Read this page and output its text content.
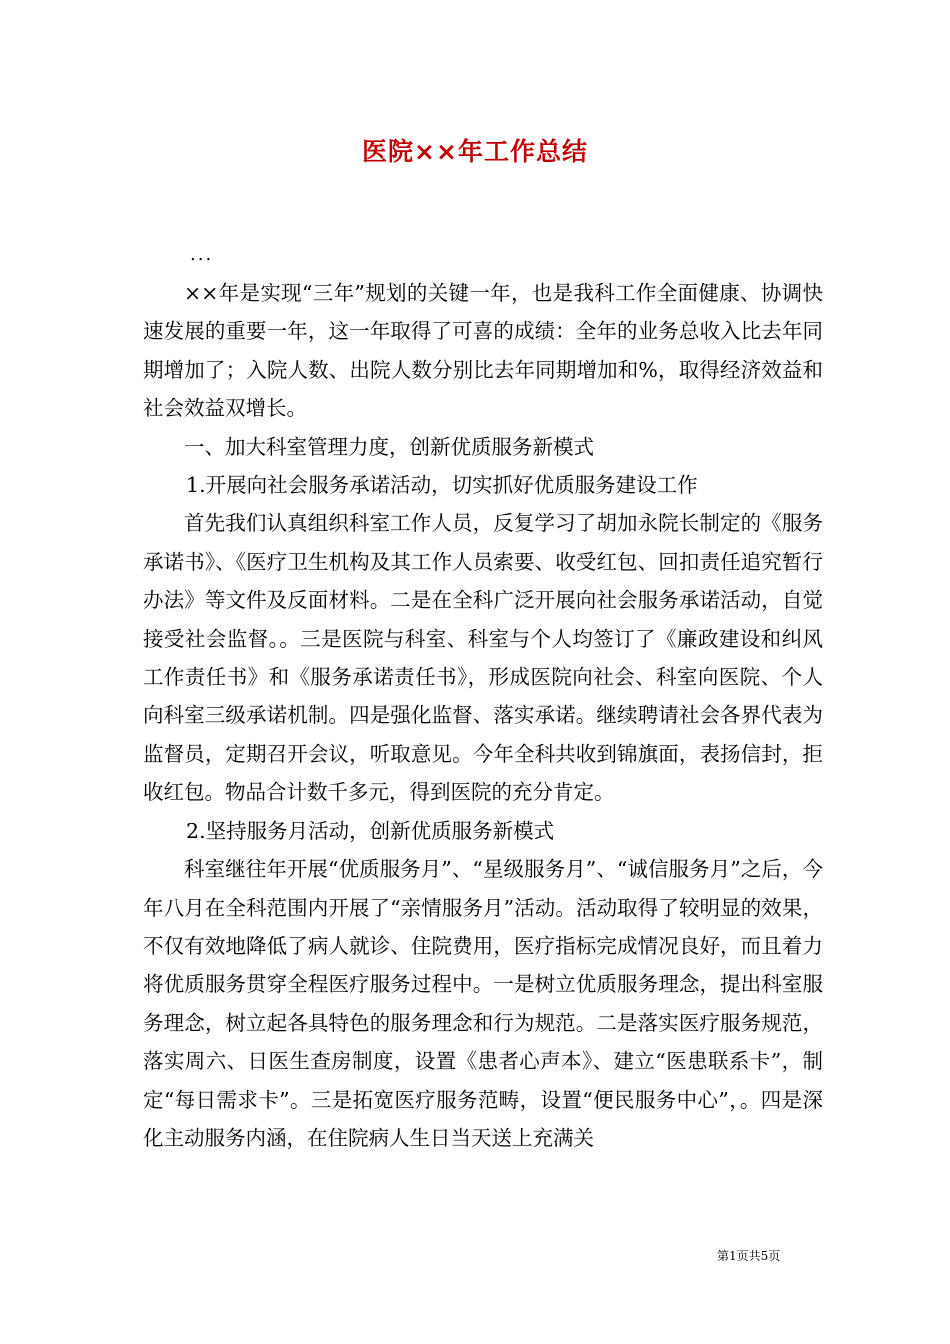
医院××年工作总结
...

××年是实现“三年”规划的关键一年，也是我科工作全面健康、协调快速发展的重要一年，这一年取得了可喜的成绩：全年的业务总收入比去年同期增加了；入院人数、出院人数分别比去年同期增加和%，取得经济效益和社会效益双增长。

一、加大科室管理力度，创新优质服务新模式

1.开展向社会服务承诺活动，切实抓好优质服务建设工作

首先我们认真组织科室工作人员，反复学习了胡加永院长制定的《服务承诺书》、《医疗卫生机构及其工作人员索要、收受红包、回扣责任追究暂行办法》等文件及反面材料。二是在全科广泛开展向社会服务承诺活动，自觉接受社会监督。。三是医院与科室、科室与个人均签订了《廉政建设和纠风工作责任书》和《服务承诺责任书》，形成医院向社会、科室向医院、个人向科室三级承诺机制。四是强化监督、落实承诺。继续聘请社会各界代表为监督员，定期召开会议，听取意见。今年全科共收到锦旗面，表扬信封，拒收红包。物品合计数千多元，得到医院的充分肯定。

2.坚持服务月活动，创新优质服务新模式

科室继往年开展“优质服务月”、“星级服务月”、“诚信服务月”之后，今年八月在全科范围内开展了“亲情服务月”活动。活动取得了较明显的效果，不仅有效地降低了病人就诊、住院费用，医疗指标完成情况良好，而且着力将优质服务贯穿全程医疗服务过程中。一是树立优质服务理念，提出科室服务理念，树立起各具特色的服务理念和行为规范。二是落实医疗服务规范，落实周六、日医生查房制度，设置《患者心声本》、建立“医患联系卡”，制定“每日需求卡”。三是拓宽医疗服务范畴，设置“便民服务中心”，。四是深化主动服务内涵，在住院病人生日当天送上充满关

第1页共5页
